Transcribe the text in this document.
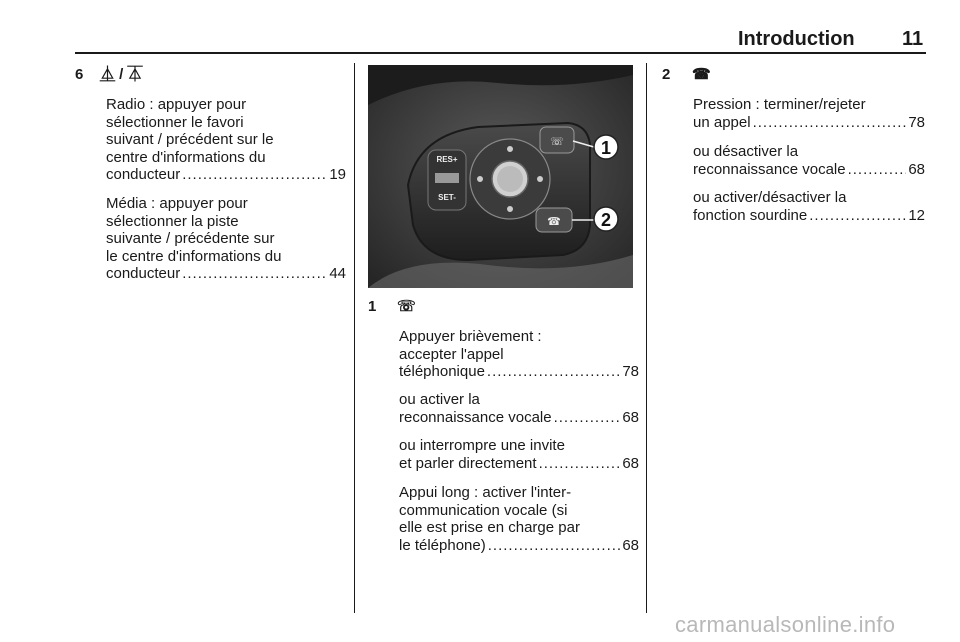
Introduction 11
6 ⏅ / ⏄
Radio : appuyer pour
sélectionner le favori
suivant / précédent sur le
centre d'informations du
conducteur .....	19
Média : appuyer pour
sélectionner la piste
suivante / précédente sur
le centre d'informations du
conducteur .....	44
RES+
SET-
☏
☎
1
2
1 ☏
Appuyer brièvement :
accepter l'appel
téléphonique .....	78
ou activer la
reconnaissance vocale .....	68
ou interrompre une invite
et parler directement .....	68
Appui long : activer l'inter-
communication vocale (si
elle est prise en charge par
le téléphone) .....	68
2 ☎
Pression : terminer/rejeter
un appel .....	78
ou désactiver la
reconnaissance vocale .....	68
ou activer/désactiver la
fonction sourdine .....	12
carmanualsonline.info
